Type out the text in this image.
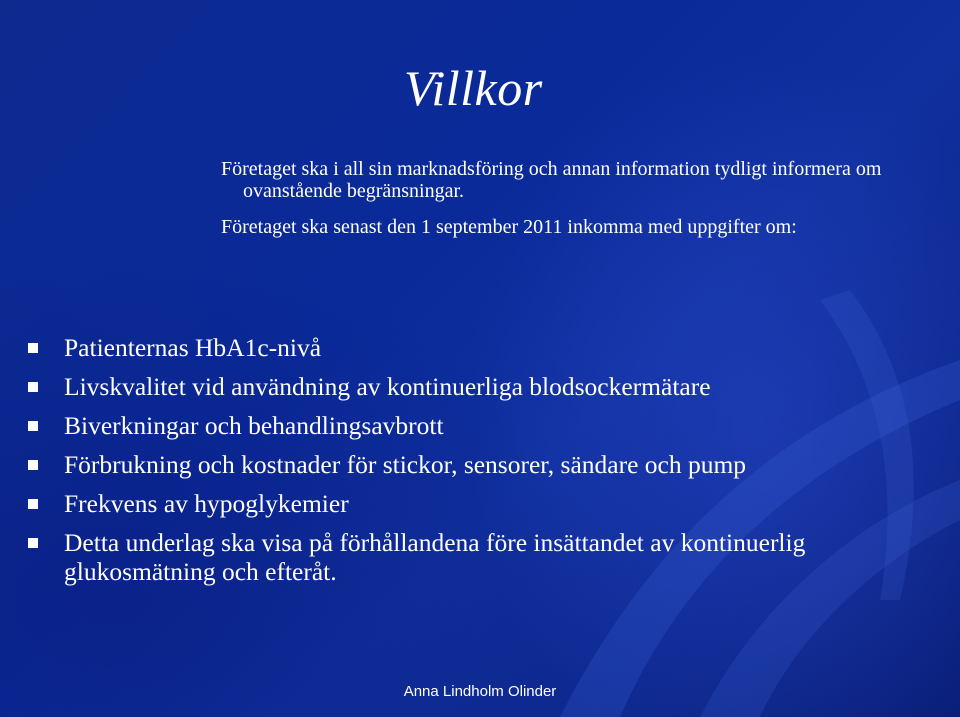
Villkor

Företaget ska i all sin marknadsföring och annan information tydligt informera om ovanstående begränsningar.

Företaget ska senast den 1 september 2011 inkomma med uppgifter om:

Patienternas HbA1c-nivå
Livskvalitet vid användning av kontinuerliga blodsockermätare
Biverkningar och behandlingsavbrott
Förbrukning och kostnader för stickor, sensorer, sändare och pump
Frekvens av hypoglykemier
Detta underlag ska visa på förhållandena före insättandet av kontinuerlig glukosmätning och efteråt.
Anna Lindholm Olinder
